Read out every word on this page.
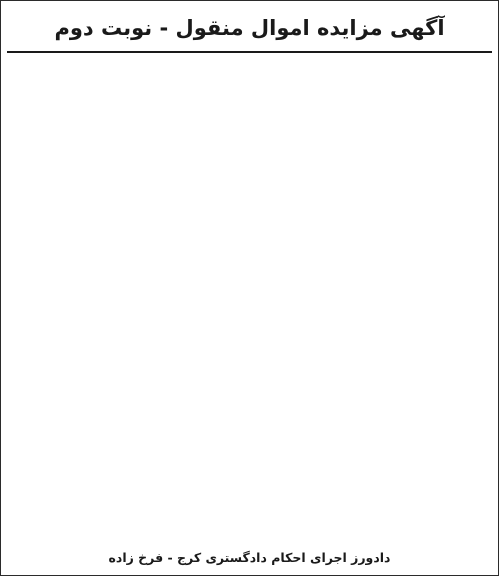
آگهی مزایده اموال منقول - نوبت دوم

دادورز اجرای احکام دادگستری کرج - فرخ زاده
